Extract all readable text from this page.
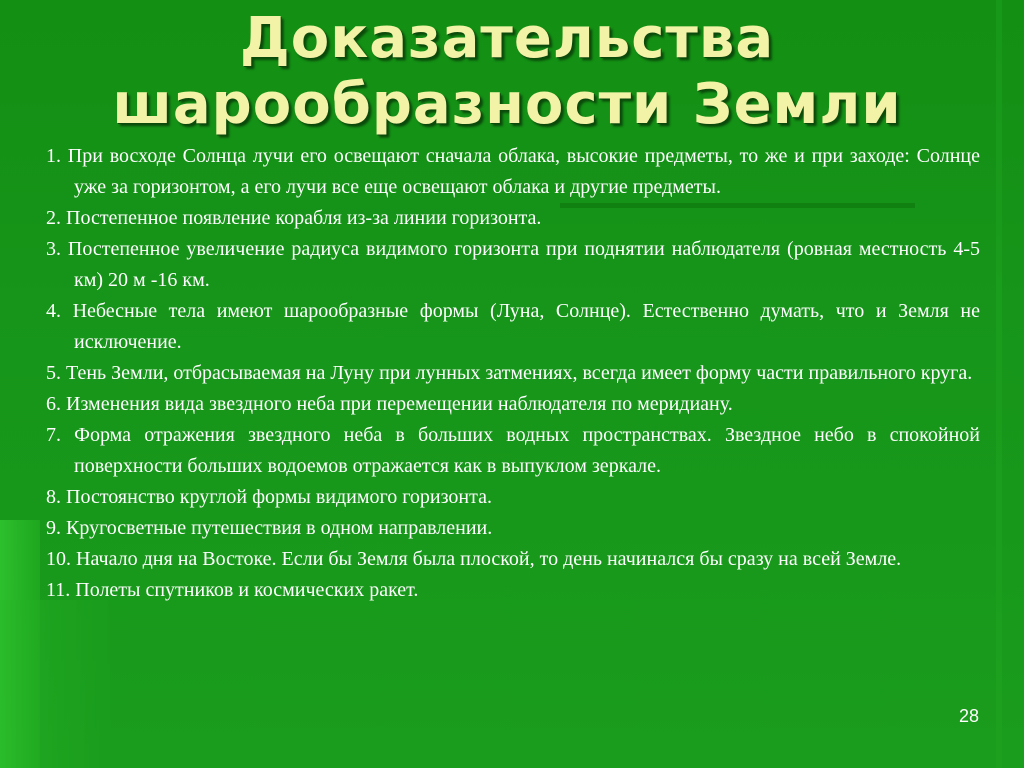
Доказательства
шарообразности Земли
1. При восходе Солнца лучи его освещают сначала облака, высокие предметы, то же и при заходе: Солнце уже за горизонтом, а его лучи все еще освещают облака и другие предметы.
2. Постепенное появление корабля из-за линии горизонта.
3. Постепенное увеличение радиуса видимого горизонта при поднятии наблюдателя (ровная местность 4-5 км) 20 м -16 км.
4. Небесные тела имеют шарообразные формы (Луна, Солнце). Естественно думать, что и Земля не исключение.
5. Тень Земли, отбрасываемая на Луну при лунных затмениях, всегда имеет форму части правильного круга.
6. Изменения вида звездного неба при перемещении наблюдателя по меридиану.
7. Форма отражения звездного неба в больших водных пространствах. Звездное небо в спокойной поверхности больших водоемов отражается как в выпуклом зеркале.
8. Постоянство круглой формы видимого горизонта.
9. Кругосветные путешествия в одном направлении.
10. Начало дня на Востоке. Если бы Земля была плоской, то день начинался бы сразу на всей Земле.
11. Полеты спутников и космических ракет.
28
